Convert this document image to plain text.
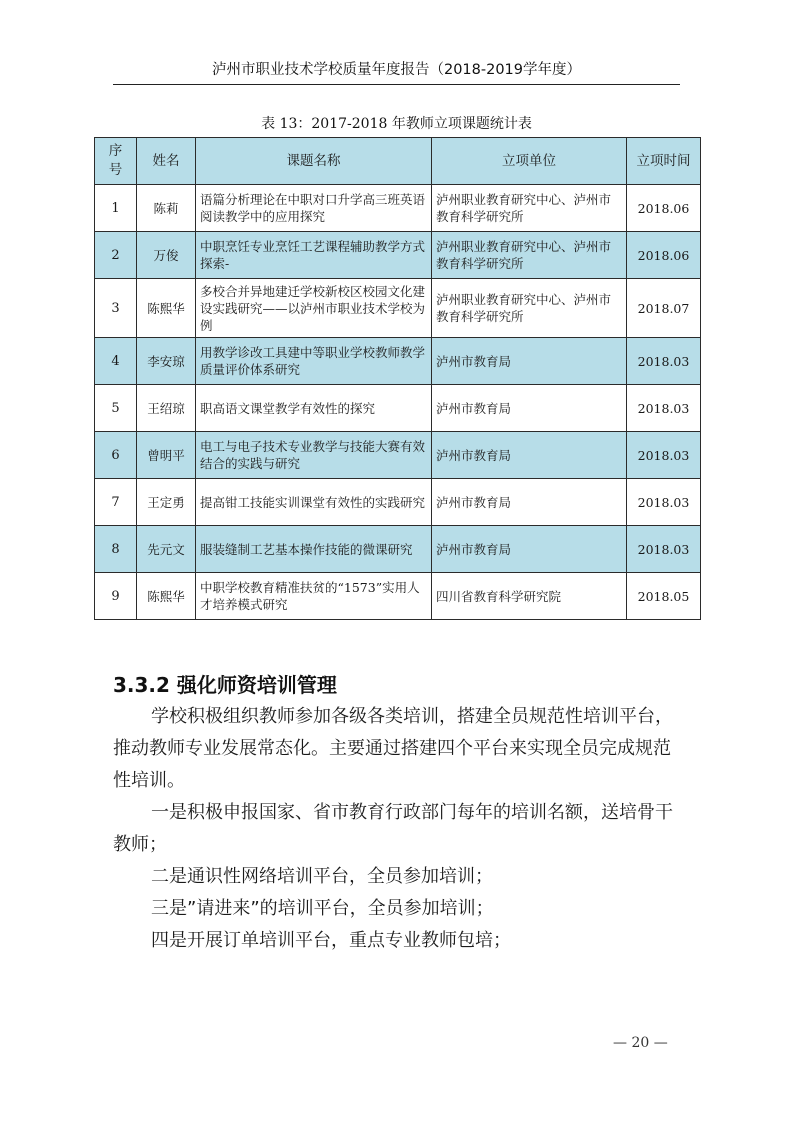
泸州市职业技术学校质量年度报告（2018-2019学年度）
表 13：2017-2018 年教师立项课题统计表
序
号	姓名	课题名称	立项单位	立项时间
1	陈莉	语篇分析理论在中职对口升学高三班英语阅读教学中的应用探究	泸州职业教育研究中心、泸州市教育科学研究所	2018.06
2	万俊	中职烹饪专业烹饪工艺课程辅助教学方式探索-	泸州职业教育研究中心、泸州市教育科学研究所	2018.06
3	陈熙华	多校合并异地建迁学校新校区校园文化建设实践研究——以泸州市职业技术学校为例	泸州职业教育研究中心、泸州市教育科学研究所	2018.07
4	李安琼	用教学诊改工具建中等职业学校教师教学质量评价体系研究	泸州市教育局	2018.03
5	王绍琼	职高语文课堂教学有效性的探究	泸州市教育局	2018.03
6	曾明平	电工与电子技术专业教学与技能大赛有效结合的实践与研究	泸州市教育局	2018.03
7	王定勇	提高钳工技能实训课堂有效性的实践研究	泸州市教育局	2018.03
8	先元文	服装缝制工艺基本操作技能的微课研究	泸州市教育局	2018.03
9	陈熙华	中职学校教育精准扶贫的“1573”实用人才培养模式研究	四川省教育科学研究院	2018.05
3.3.2 强化师资培训管理

学校积极组织教师参加各级各类培训，搭建全员规范性培训平台，推动教师专业发展常态化。主要通过搭建四个平台来实现全员完成规范性培训。

一是积极申报国家、省市教育行政部门每年的培训名额，送培骨干教师；

二是通识性网络培训平台，全员参加培训；

三是”请进来”的培训平台，全员参加培训；

四是开展订单培训平台，重点专业教师包培；

— 20 —
